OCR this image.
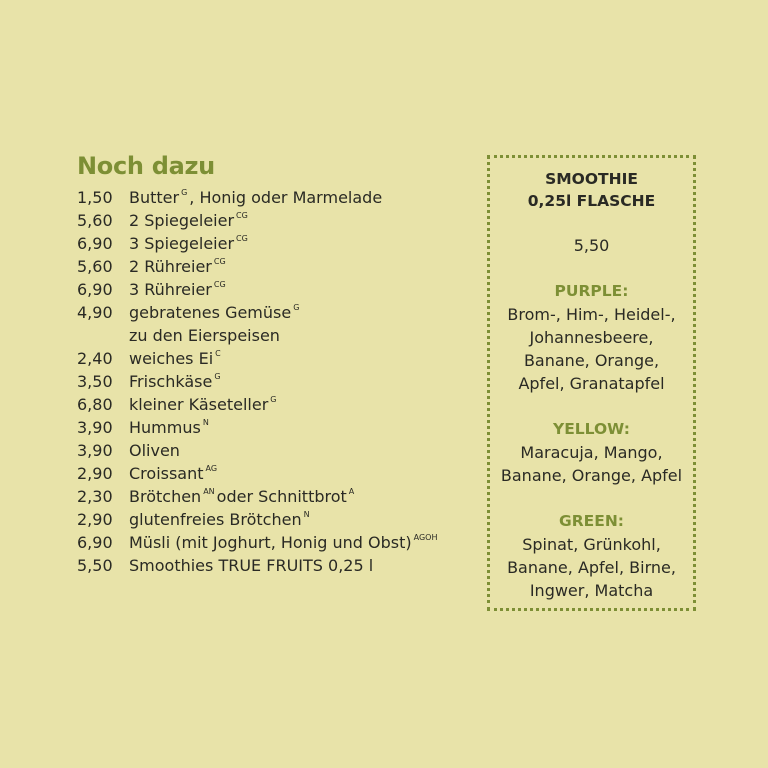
Noch dazu
1,50	Butter $^G$ , Honig oder Marmelade
5,60	2 Spiegeleier $^{CG}$
6,90	3 Spiegeleier $^{CG}$
5,60	2 Rühreier $^{CG}$
6,90	3 Rühreier $^{CG}$
4,90	gebratenes Gemüse $^G$
zu den Eierspeisen
2,40	weiches Ei $^C$
3,50	Frischkäse $^G$
6,80	kleiner Käseteller $^G$
3,90	Hummus $^N$
3,90	Oliven
2,90	Croissant $^{AG}$
2,30	Brötchen $^{AN}$ oder Schnittbrot $^A$
2,90	glutenfreies Brötchen $^N$
6,90	Müsli (mit Joghurt, Honig und Obst) $^{AGOH}$
5,50	Smoothies TRUE FRUITS 0,25 l
SMOOTHIE
0,25l FLASCHE
5,50
PURPLE:
Brom-, Him-, Heidel-,
Johannesbeere,
Banane, Orange,
Apfel, Granatapfel
YELLOW:
Maracuja, Mango,
Banane, Orange, Apfel
GREEN:
Spinat, Grünkohl,
Banane, Apfel, Birne,
Ingwer, Matcha
